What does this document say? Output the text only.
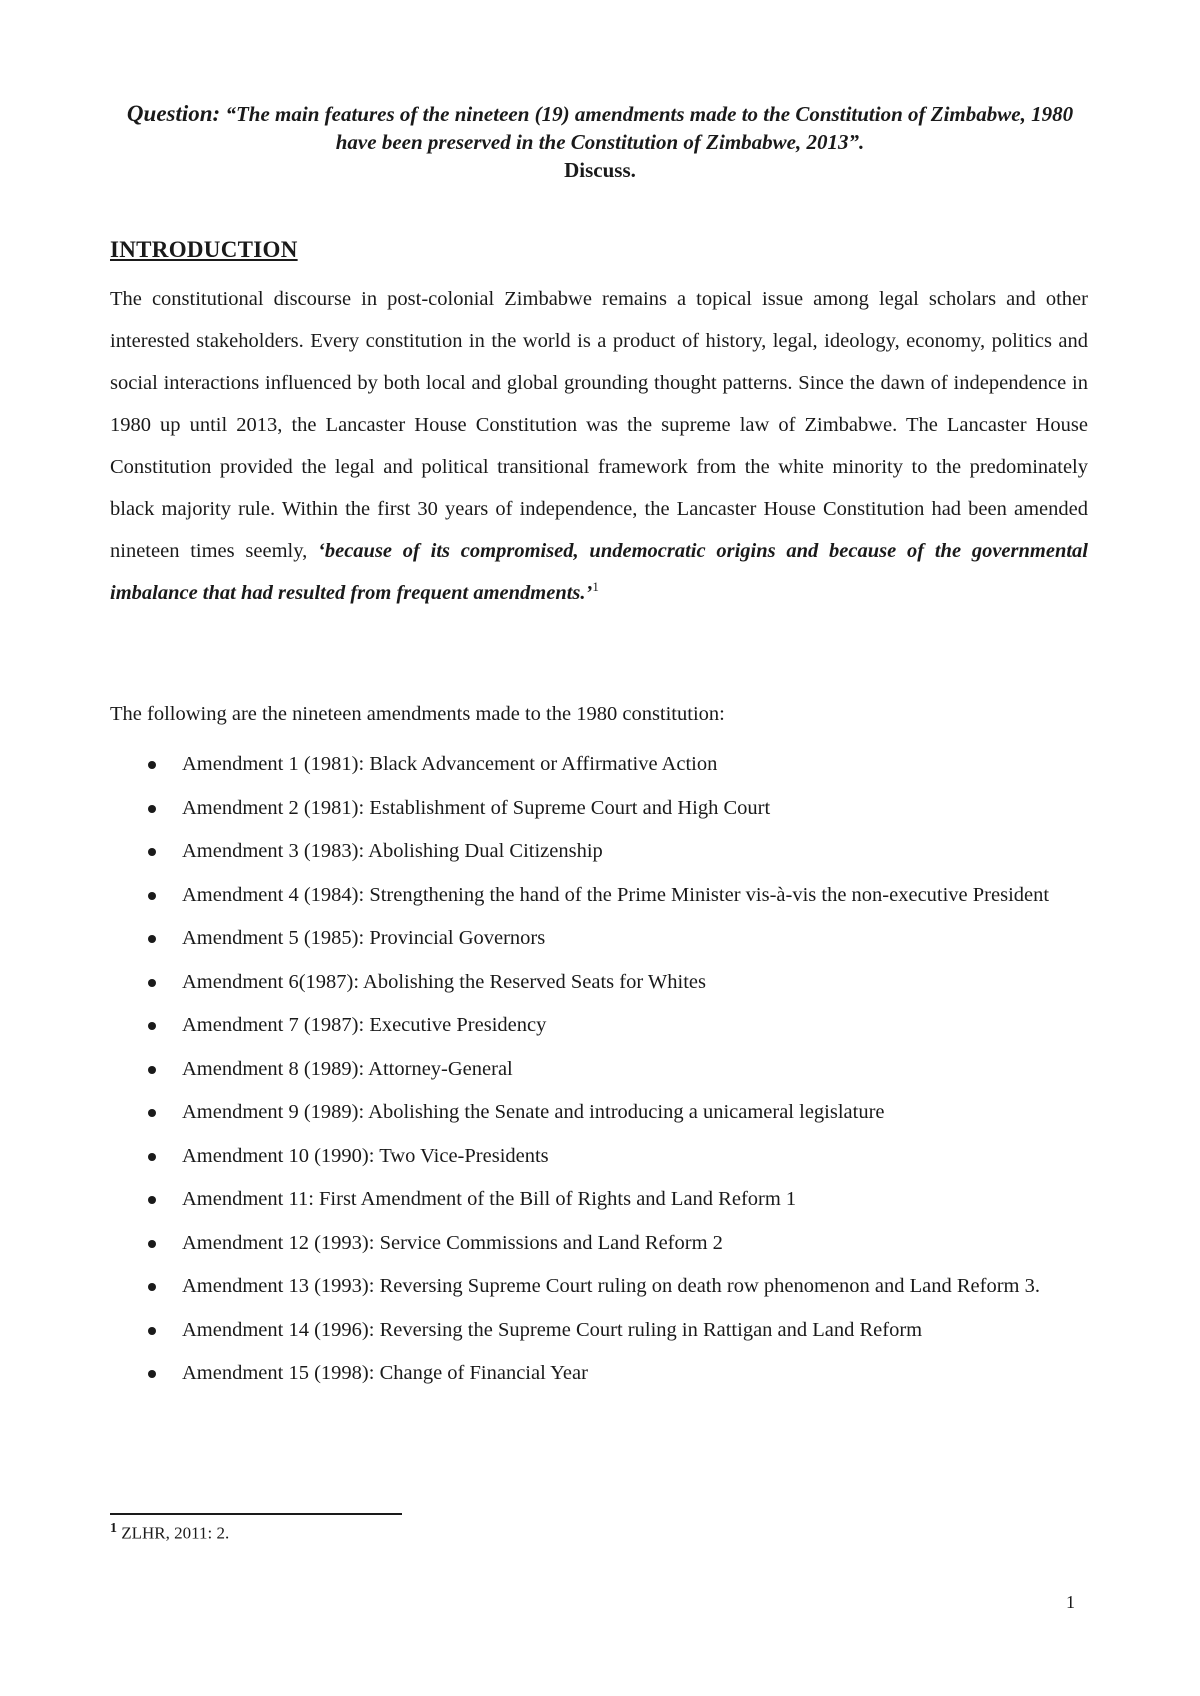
Question: “The main features of the nineteen (19) amendments made to the Constitution of Zimbabwe, 1980 have been preserved in the Constitution of Zimbabwe, 2013”.
Discuss.
INTRODUCTION
The constitutional discourse in post-colonial Zimbabwe remains a topical issue among legal scholars and other interested stakeholders. Every constitution in the world is a product of history, legal, ideology, economy, politics and social interactions influenced by both local and global grounding thought patterns. Since the dawn of independence in 1980 up until 2013, the Lancaster House Constitution was the supreme law of Zimbabwe. The Lancaster House Constitution provided the legal and political transitional framework from the white minority to the predominately black majority rule. Within the first 30 years of independence, the Lancaster House Constitution had been amended nineteen times seemly, ‘because of its compromised, undemocratic origins and because of the governmental imbalance that had resulted from frequent amendments.’$^1$
The following are the nineteen amendments made to the 1980 constitution:
Amendment 1 (1981): Black Advancement or Affirmative Action
Amendment 2 (1981): Establishment of Supreme Court and High Court
Amendment 3 (1983): Abolishing Dual Citizenship
Amendment 4 (1984): Strengthening the hand of the Prime Minister vis-à-vis the non-executive President
Amendment 5 (1985): Provincial Governors
Amendment 6(1987): Abolishing the Reserved Seats for Whites
Amendment 7 (1987): Executive Presidency
Amendment 8 (1989): Attorney-General
Amendment 9 (1989): Abolishing the Senate and introducing a unicameral legislature
Amendment 10 (1990): Two Vice-Presidents
Amendment 11: First Amendment of the Bill of Rights and Land Reform 1
Amendment 12 (1993): Service Commissions and Land Reform 2
Amendment 13 (1993): Reversing Supreme Court ruling on death row phenomenon and Land Reform 3.
Amendment 14 (1996): Reversing the Supreme Court ruling in Rattigan and Land Reform
Amendment 15 (1998): Change of Financial Year
$^1$ ZLHR, 2011: 2.
1
